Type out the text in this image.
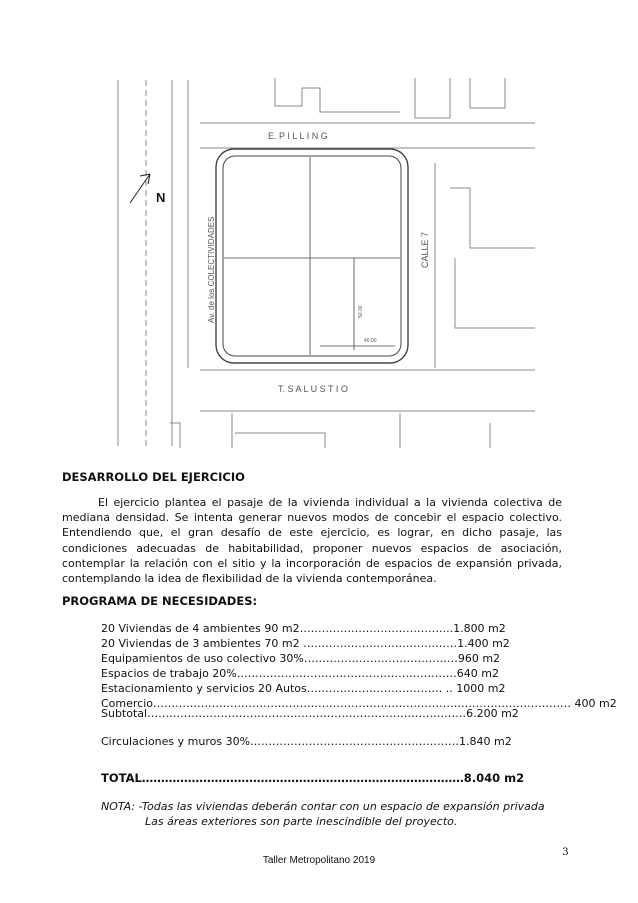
N
E. P I L L I N G
T. S A L U S T I O
CALLE 7
Av. de los COLECTIVIDADES	50.00
40.00
DESARROLLO DEL EJERCICIO
El ejercicio plantea el pasaje de la vivienda individual a la vivienda colectiva de mediana densidad. Se intenta generar nuevos modos de concebir el espacio colectivo. Entendiendo que, el gran desafío de este ejercicio, es lograr, en dicho pasaje, las condiciones adecuadas de habitabilidad, proponer nuevos espacios de asociación, contemplar la relación con el sitio y la incorporación de espacios de expansión privada, contemplando la idea de flexibilidad de la vivienda contemporánea.
PROGRAMA DE NECESIDADES:
20 Viviendas de 4 ambientes 90 m2…………………………………...1.800 m2
20 Viviendas de 3 ambientes 70 m2 ……………………………………1.400 m2
Equipamientos de uso colectivo 30%……………………………………960 m2
Espacios de trabajo 20%……………………………………………………640 m2
Estacionamiento y servicios 20 Autos………………………………. .. 1000 m2
Comercio…………………………………………………………………………………………………… 400 m2
Subtotal……………………………………………………………………………6.200 m2
Circulaciones y muros 30%…………………………………………………1.840 m2
TOTAL…………………………………………………………………………8.040 m2
NOTA: -Todas las viviendas deberán contar con un espacio de expansión privada
Las áreas exteriores son parte inescindible del proyecto.
3
Taller Metropolitano 2019
